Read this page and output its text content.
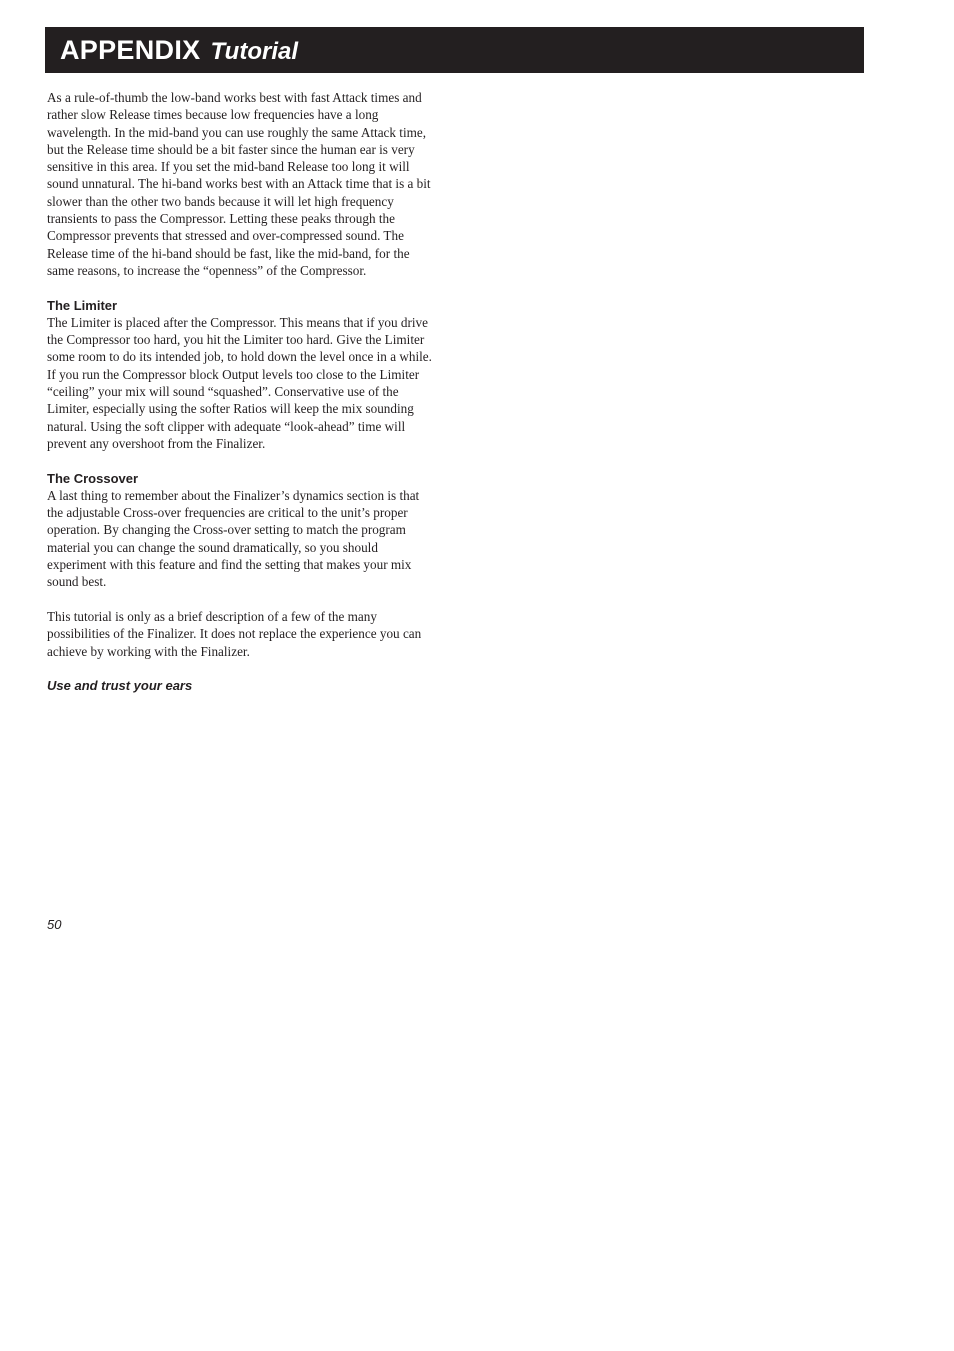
APPENDIX Tutorial

As a rule-of-thumb the low-band works best with fast Attack times and rather slow Release times because low frequencies have a long wavelength. In the mid-band you can use roughly the same Attack time, but the Release time should be a bit faster since the human ear is very sensitive in this area. If you set the mid-band Release too long it will sound unnatural. The hi-band works best with an Attack time that is a bit slower than the other two bands because it will let high frequency transients to pass the Compressor. Letting these peaks through the Compressor prevents that stressed and over-compressed sound. The Release time of the hi-band should be fast, like the mid-band, for the same reasons, to increase the “openness” of the Compressor.

The Limiter

The Limiter is placed after the Compressor. This means that if you drive the Compressor too hard, you hit the Limiter too hard. Give the Limiter some room to do its intended job, to hold down the level once in a while. If you run the Compressor block Output levels too close to the Limiter “ceiling” your mix will sound “squashed”. Conservative use of the Limiter, especially using the softer Ratios will keep the mix sounding natural. Using the soft clipper with adequate “look-ahead” time will prevent any overshoot from the Finalizer.

The Crossover

A last thing to remember about the Finalizer’s dynamics section is that the adjustable Cross-over frequencies are critical to the unit’s proper operation. By changing the Cross-over setting to match the program material you can change the sound dramatically, so you should experiment with this feature and find the setting that makes your mix sound best.

This tutorial is only as a brief description of a few of the many possibilities of the Finalizer. It does not replace the experience you can achieve by working with the Finalizer.

Use and trust your ears

50
